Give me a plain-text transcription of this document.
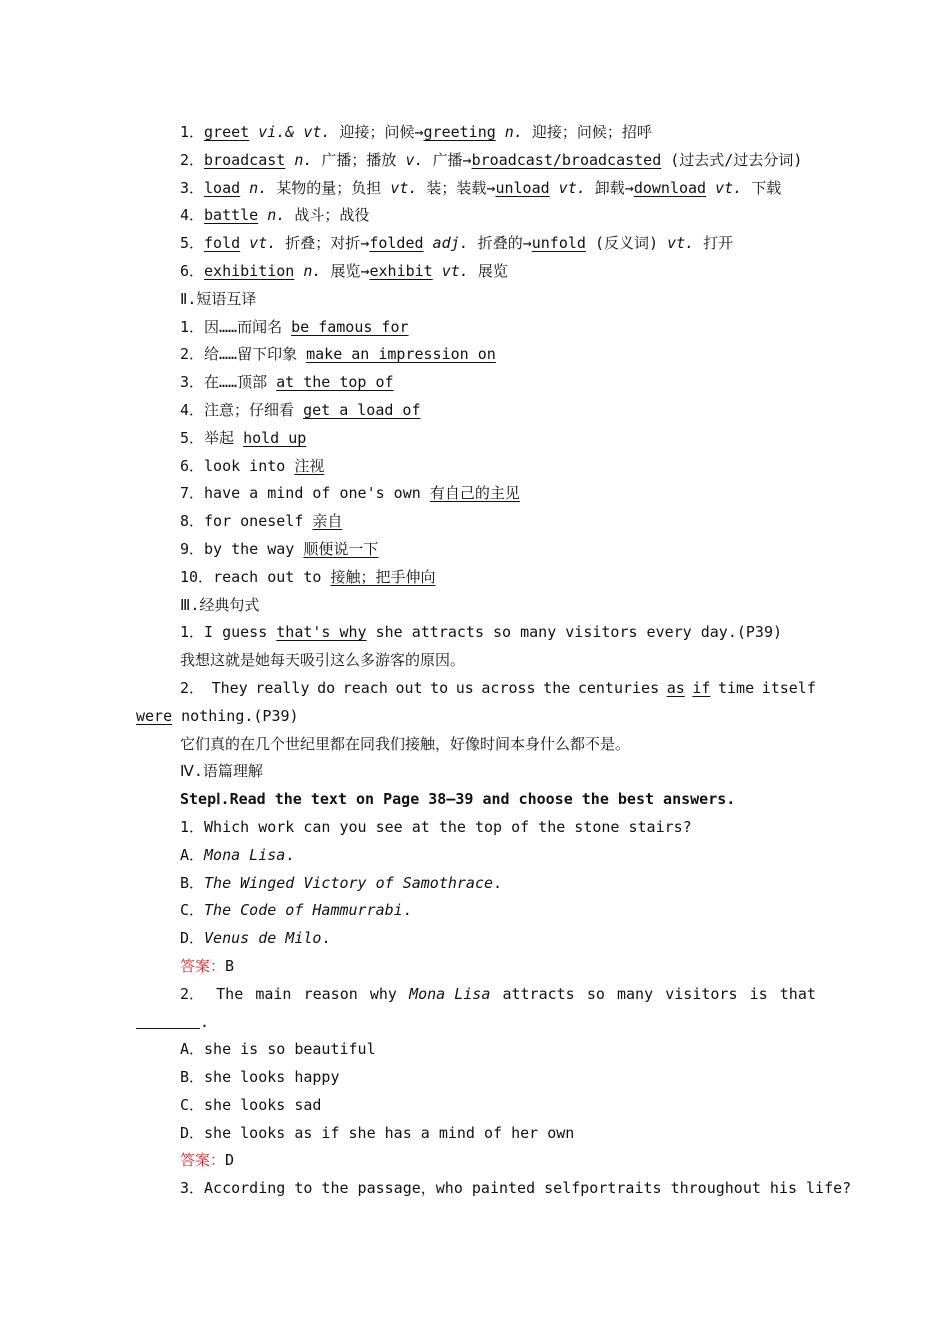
1．greet vi.& vt. 迎接；问候→greeting n. 迎接；问候；招呼
2．broadcast n. 广播；播放 v. 广播→broadcast/broadcasted (过去式/过去分词)
3．load n. 某物的量；负担 vt. 装；装载→unload vt. 卸载→download vt. 下载
4．battle n. 战斗；战役
5．fold vt. 折叠；对折→folded adj. 折叠的→unfold (反义词) vt. 打开
6．exhibition n. 展览→exhibit vt. 展览
Ⅱ.短语互译
1．因……而闻名 be famous for
2．给……留下印象 make an impression on
3．在……顶部 at the top of
4．注意；仔细看 get a load of
5．举起 hold up
6．look into 注视
7．have a mind of one's own 有自己的主见
8．for oneself 亲自
9．by the way 顺便说一下
10．reach out to 接触；把手伸向
Ⅲ.经典句式
1．I guess that's why she attracts so many visitors every day.(P39)
我想这就是她每天吸引这么多游客的原因。
2． They really do reach out to us across the centuries as if time itself
were nothing.(P39)
它们真的在几个世纪里都在同我们接触，好像时间本身什么都不是。
Ⅳ.语篇理解
StepⅠ.Read the text on Page 38—39 and choose the best answers.
1．Which work can you see at the top of the stone stairs?
A．Mona Lisa.
B．The Winged Victory of Samothrace.
C．The Code of Hammurrabi.
D．Venus de Milo.
答案：B
2． The main reason why Mona Lisa attracts so many visitors is that
.
A．she is so beautiful
B．she looks happy
C．she looks sad
D．she looks as if she has a mind of her own
答案：D
3．According to the passage，who painted selfportraits throughout his life?
